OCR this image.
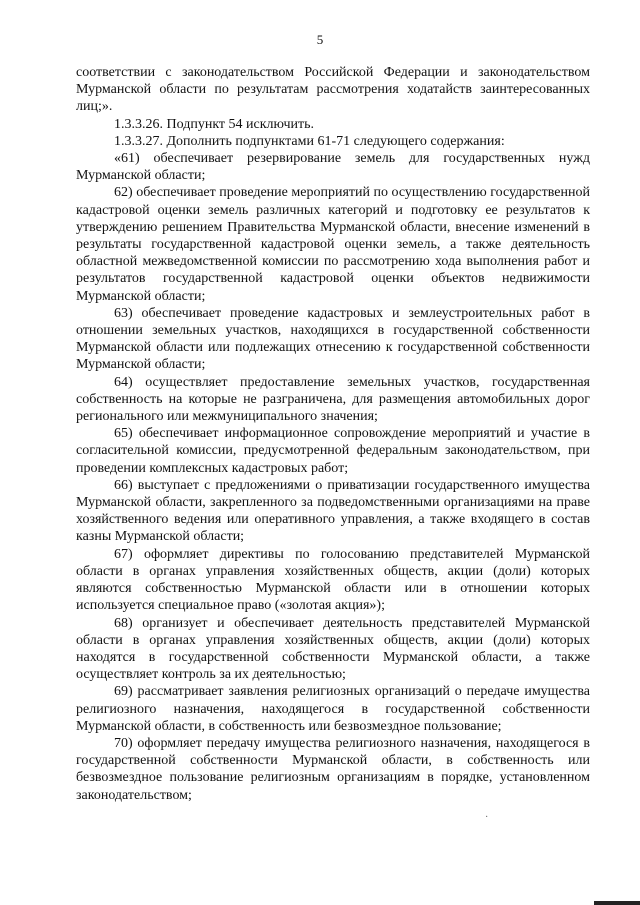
5

соответствии с законодательством Российской Федерации и законодательством Мурманской области по результатам рассмотрения ходатайств заинтересованных лиц;».

1.3.3.26. Подпункт 54 исключить.

1.3.3.27. Дополнить подпунктами 61-71 следующего содержания:

«61) обеспечивает резервирование земель для государственных нужд Мурманской области;

62) обеспечивает проведение мероприятий по осуществлению государственной кадастровой оценки земель различных категорий и подготовку ее результатов к утверждению решением Правительства Мурманской области, внесение изменений в результаты государственной кадастровой оценки земель, а также деятельность областной межведомственной комиссии по рассмотрению хода выполнения работ и результатов государственной кадастровой оценки объектов недвижимости Мурманской области;

63) обеспечивает проведение кадастровых и землеустроительных работ в отношении земельных участков, находящихся в государственной собственности Мурманской области или подлежащих отнесению к государственной собственности Мурманской области;

64) осуществляет предоставление земельных участков, государственная собственность на которые не разграничена, для размещения автомобильных дорог регионального или межмуниципального значения;

65) обеспечивает информационное сопровождение мероприятий и участие в согласительной комиссии, предусмотренной федеральным законодательством, при проведении комплексных кадастровых работ;

66) выступает с предложениями о приватизации государственного имущества Мурманской области, закрепленного за подведомственными организациями на праве хозяйственного ведения или оперативного управления, а также входящего в состав казны Мурманской области;

67) оформляет директивы по голосованию представителей Мурманской области в органах управления хозяйственных обществ, акции (доли) которых являются собственностью Мурманской области или в отношении которых используется специальное право («золотая акция»);

68) организует и обеспечивает деятельность представителей Мурманской области в органах управления хозяйственных обществ, акции (доли) которых находятся в государственной собственности Мурманской области, а также осуществляет контроль за их деятельностью;

69) рассматривает заявления религиозных организаций о передаче имущества религиозного назначения, находящегося в государственной собственности Мурманской области, в собственность или безвозмездное пользование;

70) оформляет передачу имущества религиозного назначения, находящегося в государственной собственности Мурманской области, в собственность или безвозмездное пользование религиозным организациям в порядке, установленном законодательством;

·
